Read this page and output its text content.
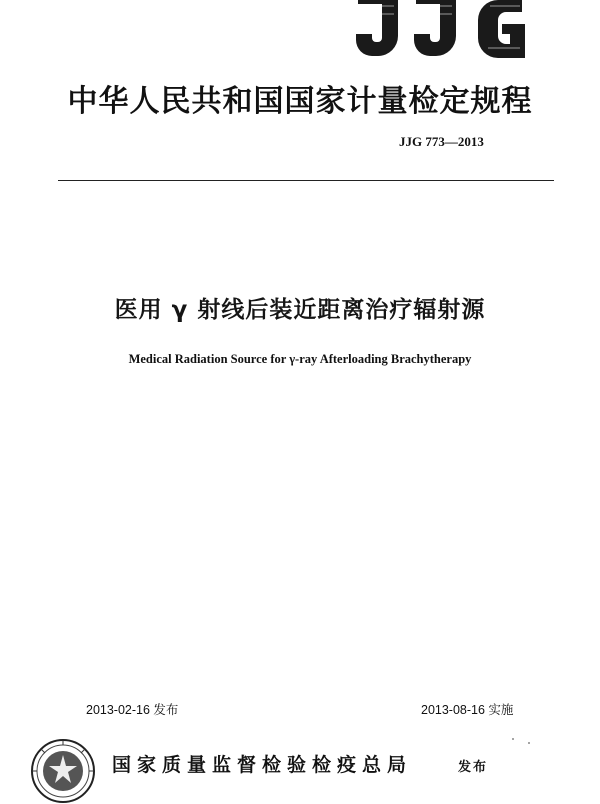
中华人民共和国国家计量检定规程
JJG 773—2013
医用 γ 射线后装近距离治疗辐射源
Medical Radiation Source for γ-ray Afterloading Brachytherapy
2013-02-16 发布	2013-08-16 实施
国家质量监督检验检疫总局	发布
